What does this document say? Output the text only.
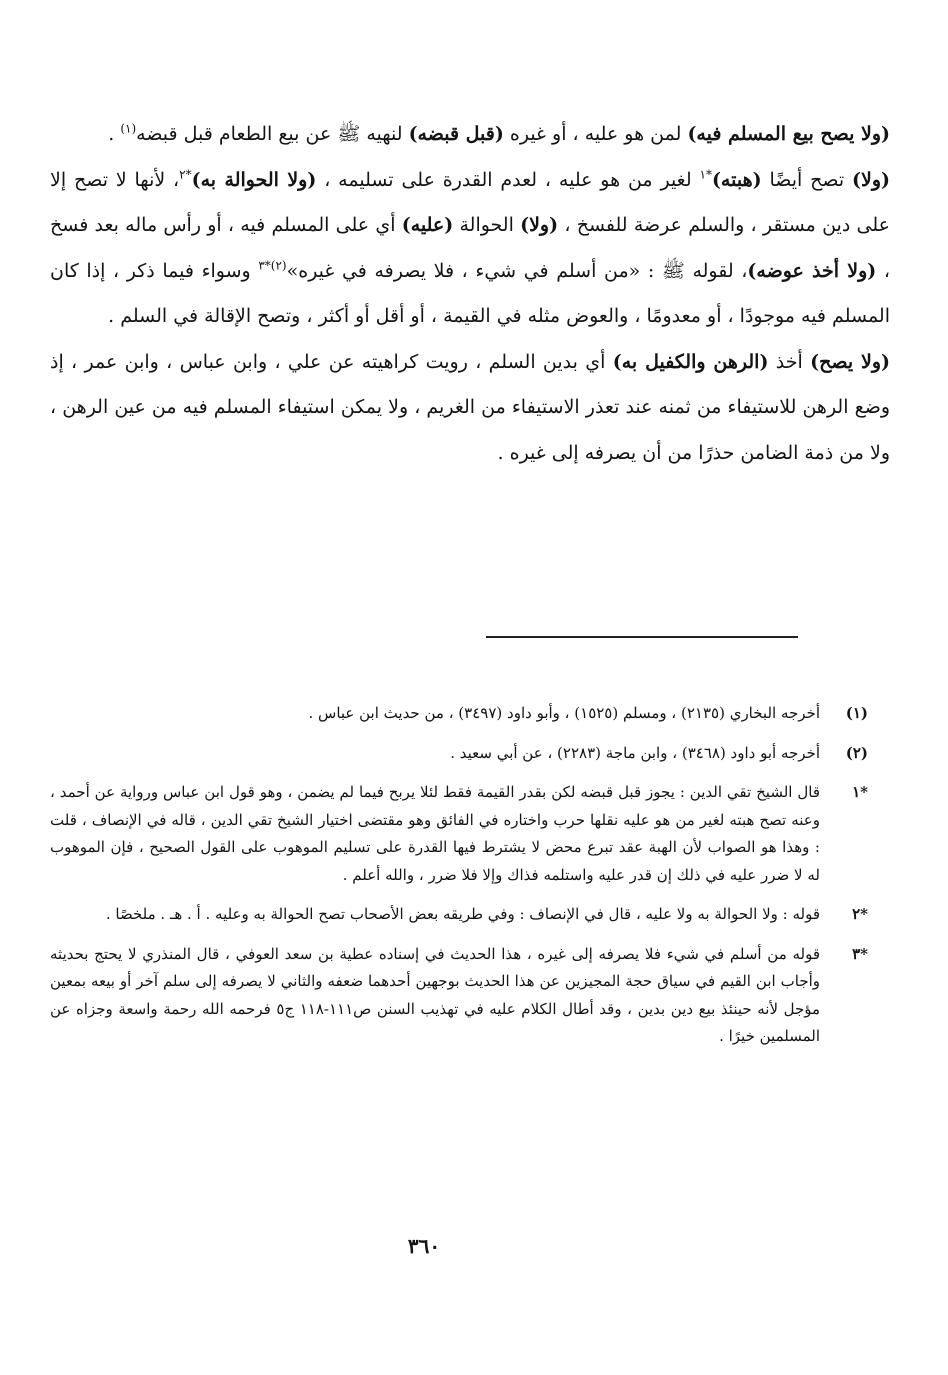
(ولا يصح بيع المسلم فيه) لمن هو عليه ، أو غيره (قبل قبضه) لنهيه ﷺ عن بيع الطعام قبل قبضه$^{(١)}$ .

(ولا) تصح أيضًا (هبته)$^{*١}$ لغير من هو عليه ، لعدم القدرة على تسليمه ، (ولا الحوالة به)$^{*٢}$، لأنها لا تصح إلا على دين مستقر ، والسلم عرضة للفسخ ، (ولا) الحوالة (عليه) أي على المسلم فيه ، أو رأس ماله بعد فسخ ، (ولا أخذ عوضه)، لقوله ﷺ : «من أسلم في شيء ، فلا يصرفه في غيره»$^{(٢)*٣}$ وسواء فيما ذكر ، إذا كان المسلم فيه موجودًا ، أو معدومًا ، والعوض مثله في القيمة ، أو أقل أو أكثر ، وتصح الإقالة في السلم .

(ولا يصح) أخذ (الرهن والكفيل به) أي بدين السلم ، رويت كراهيته عن علي ، وابن عباس ، وابن عمر ، إذ وضع الرهن للاستيفاء من ثمنه عند تعذر الاستيفاء من الغريم ، ولا يمكن استيفاء المسلم فيه من عين الرهن ، ولا من ذمة الضامن حذرًا من أن يصرفه إلى غيره .

(١)
أخرجه البخاري (٢١٣٥) ، ومسلم (١٥٢٥) ، وأبو داود (٣٤٩٧) ، من حديث ابن عباس .
(٢)
أخرجه أبو داود (٣٤٦٨) ، وابن ماجة (٢٢٨٣) ، عن أبي سعيد .
*١
قال الشيخ تقي الدين : يجوز قبل قبضه لكن بقدر القيمة فقط لئلا يربح فيما لم يضمن ، وهو قول ابن عباس ورواية عن أحمد ، وعنه تصح هبته لغير من هو عليه نقلها حرب واختاره في الفائق وهو مقتضى اختيار الشيخ تقي الدين ، قاله في الإنصاف ، قلت : وهذا هو الصواب لأن الهبة عقد تبرع محض لا يشترط فيها القدرة على تسليم الموهوب على القول الصحيح ، فإن الموهوب له لا ضرر عليه في ذلك إن قدر عليه واستلمه فذاك وإلا فلا ضرر ، والله أعلم .
*٢
قوله : ولا الحوالة به ولا عليه ، قال في الإنصاف : وفي طريقه بعض الأصحاب تصح الحوالة به وعليه . أ . هـ . ملخصًا .
*٣
قوله من أسلم في شيء فلا يصرفه إلى غيره ، هذا الحديث في إسناده عطية بن سعد العوفي ، قال المنذري لا يحتج بحديثه وأجاب ابن القيم في سياق حجة المجيزين عن هذا الحديث بوجهين أحدهما ضعفه والثاني لا يصرفه إلى سلم آخر أو بيعه بمعين مؤجل لأنه حينئذ بيع دين بدين ، وقد أطال الكلام عليه في تهذيب السنن ص١١١-١١٨ ج٥ فرحمه الله رحمة واسعة وجزاه عن المسلمين خيرًا .
٣٦٠
